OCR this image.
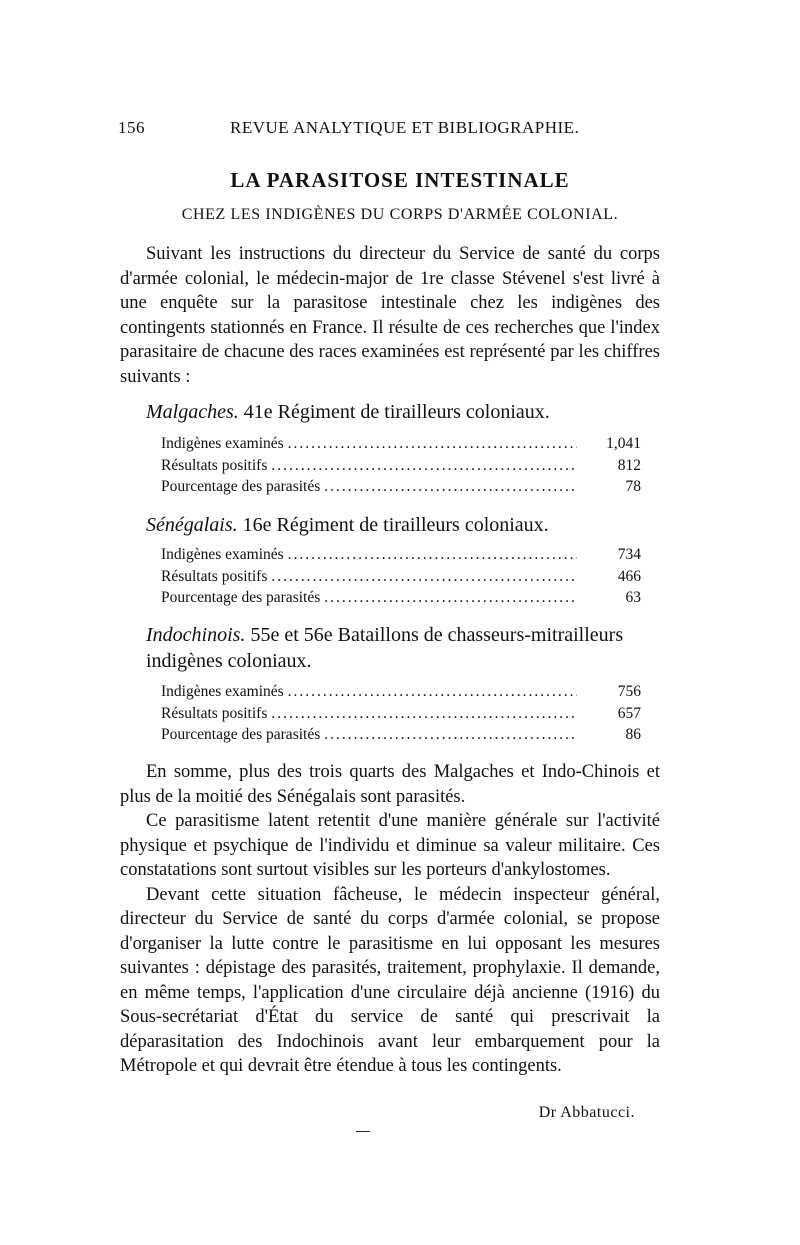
156	REVUE ANALYTIQUE ET BIBLIOGRAPHIE.
LA PARASITOSE INTESTINALE
CHEZ LES INDIGÈNES DU CORPS D'ARMÉE COLONIAL.

Suivant les instructions du directeur du Service de santé du corps d'armée colonial, le médecin-major de 1re classe Stévenel s'est livré à une enquête sur la parasitose intestinale chez les indigènes des contingents stationnés en France. Il résulte de ces recherches que l'index parasitaire de chacune des races examinées est représenté par les chiffres suivants :

Malgaches. 41e Régiment de tirailleurs coloniaux.
Indigènes examinés .....	1,041
Résultats positifs .....	812
Pourcentage des parasités .....	78
Sénégalais. 16e Régiment de tirailleurs coloniaux.
Indigènes examinés .....	734
Résultats positifs .....	466
Pourcentage des parasités .....	63
Indochinois. 55e et 56e Bataillons de chasseurs-mitrailleurs indigènes coloniaux.
Indigènes examinés .....	756
Résultats positifs .....	657
Pourcentage des parasités .....	86

En somme, plus des trois quarts des Malgaches et Indo-Chinois et plus de la moitié des Sénégalais sont parasités.

Ce parasitisme latent retentit d'une manière générale sur l'activité physique et psychique de l'individu et diminue sa valeur militaire. Ces constatations sont surtout visibles sur les porteurs d'ankylostomes.

Devant cette situation fâcheuse, le médecin inspecteur général, directeur du Service de santé du corps d'armée colonial, se propose d'organiser la lutte contre le parasitisme en lui opposant les mesures suivantes : dépistage des parasités, traitement, prophylaxie. Il demande, en même temps, l'application d'une circulaire déjà ancienne (1916) du Sous-secrétariat d'État du service de santé qui prescrivait la déparasitation des Indochinois avant leur embarquement pour la Métropole et qui devrait être étendue à tous les contingents.

Dr Abbatucci.
